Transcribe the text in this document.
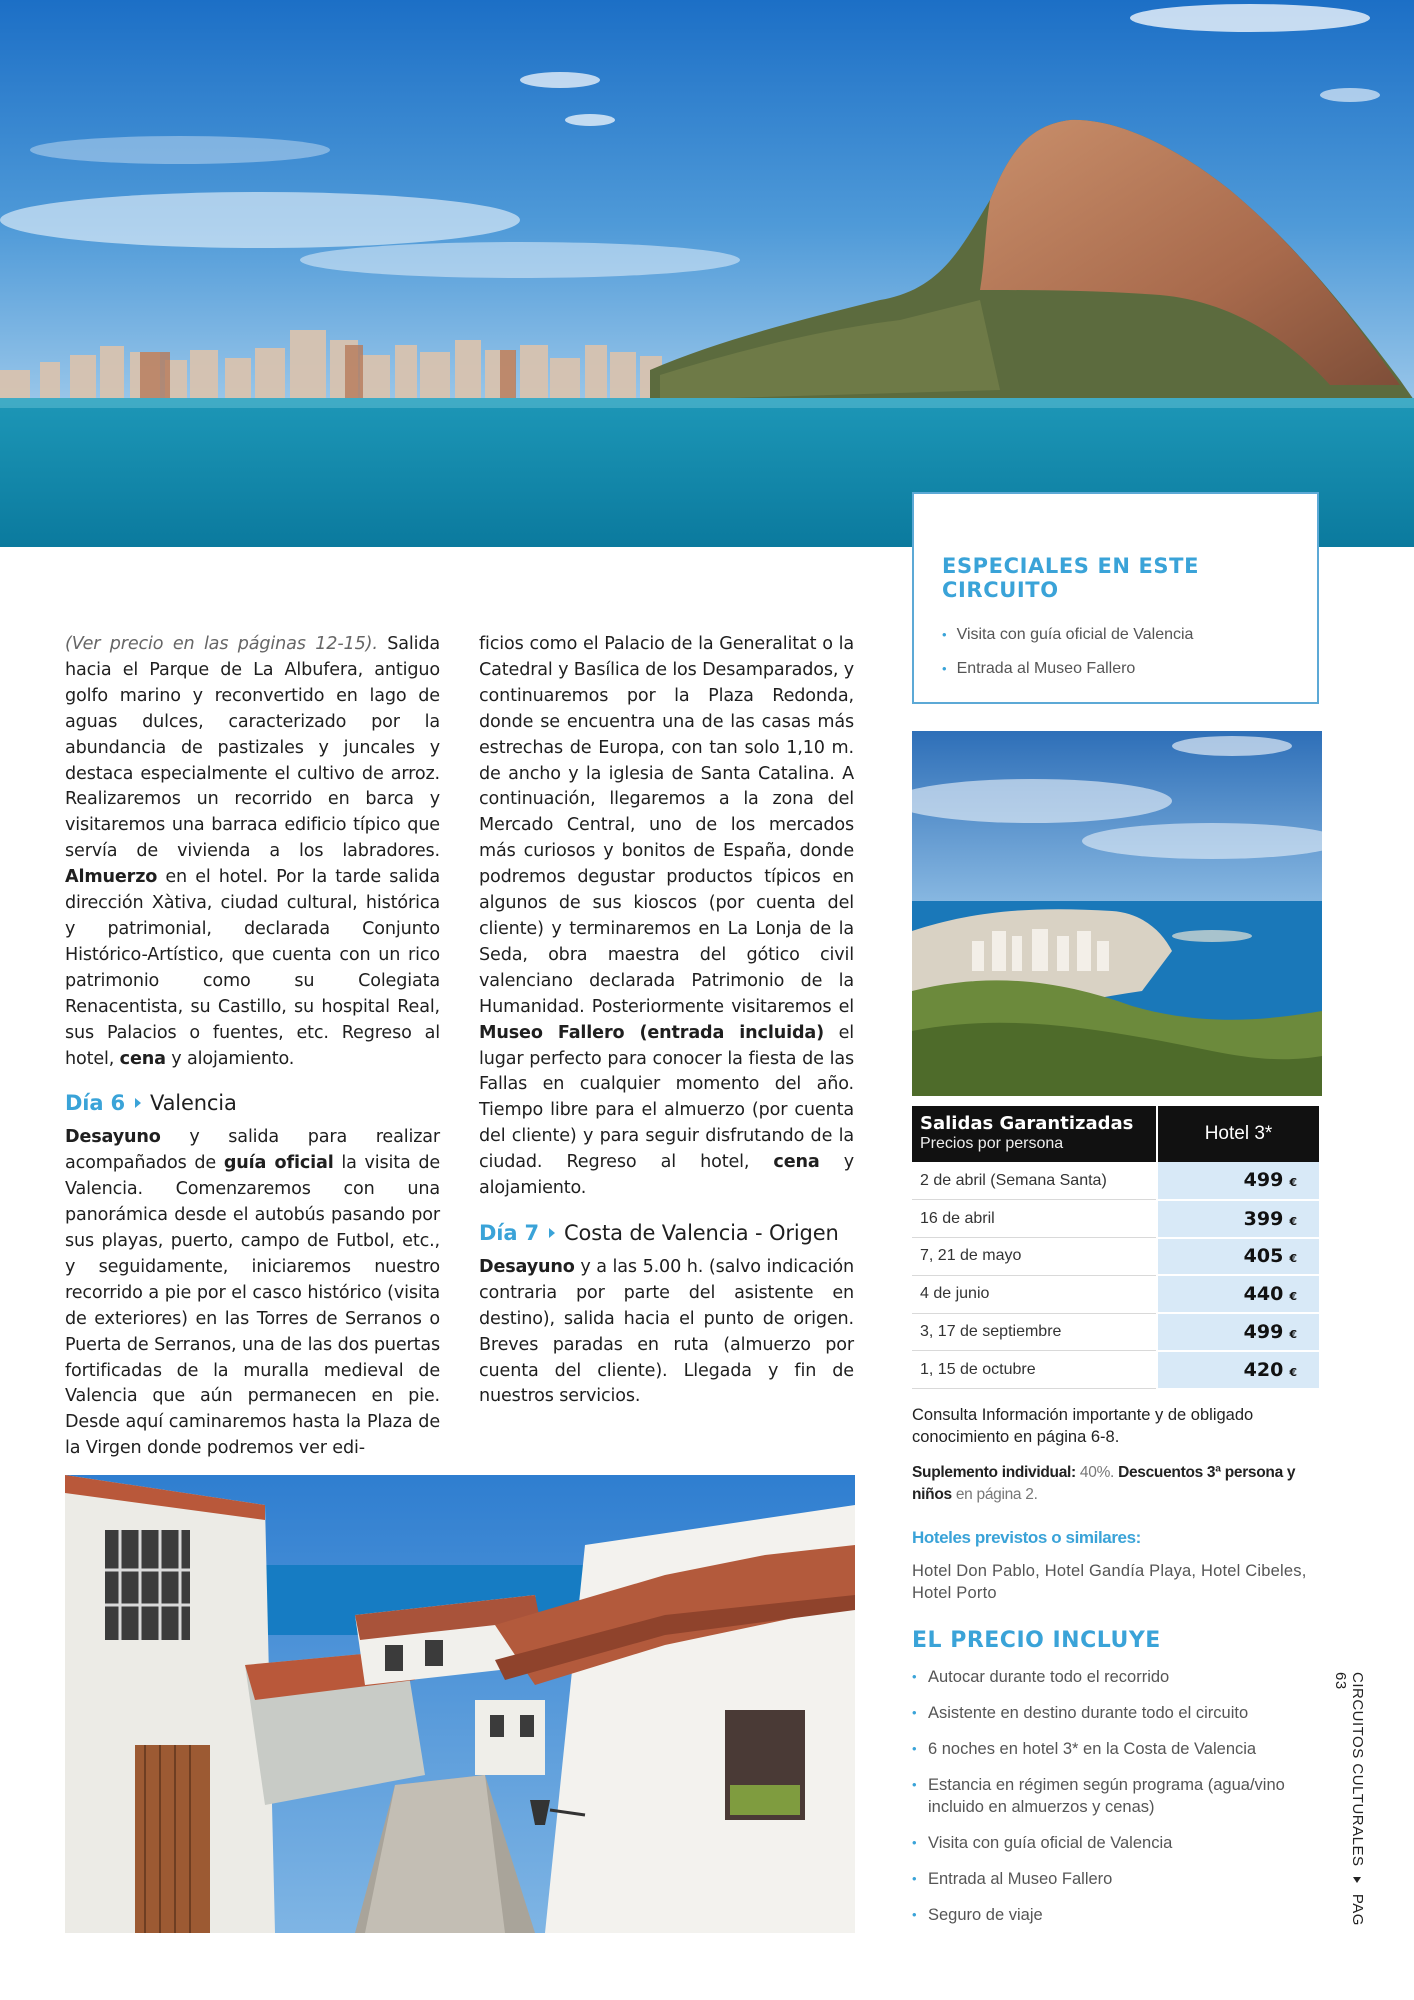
ESPECIALES EN ESTE CIRCUITO
• Visita con guía oficial de Valencia
• Entrada al Museo Fallero

(Ver precio en las páginas 12-15). Salida hacia el Parque de La Albufera, antiguo golfo marino y reconvertido en lago de aguas dulces, caracterizado por la abundancia de pastizales y juncales y destaca especialmente el cultivo de arroz. Realizaremos un recorrido en barca y visitaremos una barraca edificio típico que servía de vivienda a los labradores. Almuerzo en el hotel. Por la tarde salida dirección Xàtiva, ciudad cultural, histórica y patrimonial, declarada Conjunto Histórico-Artístico, que cuenta con un rico patrimonio como su Colegiata Renacentista, su Castillo, su hospital Real, sus Palacios o fuentes, etc. Regreso al hotel, cena y alojamiento.

Día 6 Valencia

Desayuno y salida para realizar acompañados de guía oficial la visita de Valencia. Comenzaremos con una panorámica desde el autobús pasando por sus playas, puerto, campo de Futbol, etc., y seguidamente, iniciaremos nuestro recorrido a pie por el casco histórico (visita de exteriores) en las Torres de Serranos o Puerta de Serranos, una de las dos puertas fortificadas de la muralla medieval de Valencia que aún permanecen en pie. Desde aquí caminaremos hasta la Plaza de la Virgen donde podremos ver edi-

ficios como el Palacio de la Generalitat o la Catedral y Basílica de los Desamparados, y continuaremos por la Plaza Redonda, donde se encuentra una de las casas más estrechas de Europa, con tan solo 1,10 m. de ancho y la iglesia de Santa Catalina. A continuación, llegaremos a la zona del Mercado Central, uno de los mercados más curiosos y bonitos de España, donde podremos degustar productos típicos en algunos de sus kioscos (por cuenta del cliente) y terminaremos en La Lonja de la Seda, obra maestra del gótico civil valenciano declarada Patrimonio de la Humanidad. Posteriormente visitaremos el Museo Fallero (entrada incluida) el lugar perfecto para conocer la fiesta de las Fallas en cualquier momento del año. Tiempo libre para el almuerzo (por cuenta del cliente) y para seguir disfrutando de la ciudad. Regreso al hotel, cena y alojamiento.

Día 7 Costa de Valencia - Origen

Desayuno y a las 5.00 h. (salvo indicación contraria por parte del asistente en destino), salida hacia el punto de origen. Breves paradas en ruta (almuerzo por cuenta del cliente). Llegada y fin de nuestros servicios.

Salidas Garantizadas
Precios por persona	Hotel 3*
2 de abril (Semana Santa)	499 €
16 de abril	399 €
7, 21 de mayo	405 €
4 de junio	440 €
3, 17 de septiembre	499 €
1, 15 de octubre	420 €
Consulta Información importante y de obligado conocimiento en página 6-8.
Suplemento individual: 40%. Descuentos 3ª persona y niños en página 2.
Hoteles previstos o similares:
Hotel Don Pablo, Hotel Gandía Playa, Hotel Cibeles, Hotel Porto
EL PRECIO INCLUYE
• Autocar durante todo el recorrido
• Asistente en destino durante todo el circuito
• 6 noches en hotel 3* en la Costa de Valencia
• Estancia en régimen según programa (agua/vino incluido en almuerzos y cenas)
• Visita con guía oficial de Valencia
• Entrada al Museo Fallero
• Seguro de viaje
CIRCUITOS CULTURALES  PAG 63
